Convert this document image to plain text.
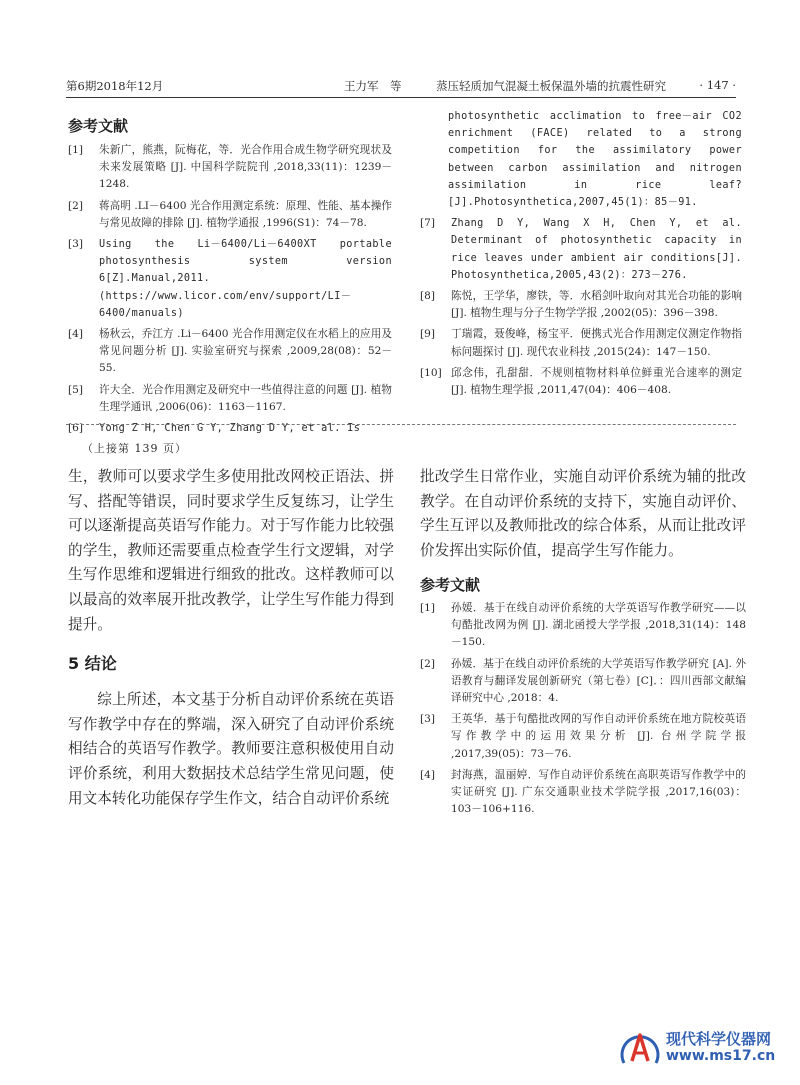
第6期2018年12月	王力军　等	蒸压轻质加气混凝土板保温外墙的抗震性研究	· 147 ·
参考文献
[1] 朱新广，熊燕，阮梅花，等．光合作用合成生物学研究现状及未来发展策略 [J]. 中国科学院院刊 ,2018,33(11)：1239－1248.
[2] 蒋高明 .LI－6400 光合作用测定系统：原理、性能、基本操作与常见故障的排除 [J]. 植物学通报 ,1996(S1)：74－78.
[3] Using the Li－6400/Li－6400XT portable photosynthesis system version 6[Z].Manual,2011. (https://www.licor.com/env/support/LI－6400/manuals)
[4] 杨秋云，乔江方 .Li－6400 光合作用测定仪在水稻上的应用及常见问题分析 [J]. 实验室研究与探索 ,2009,28(08)：52－55.
[5] 许大全．光合作用测定及研究中一些值得注意的问题 [J]. 植物生理学通讯 ,2006(06)：1163－1167.
[6] Yong Z H, Chen G Y, Zhang D Y, et al. Is
photosynthetic acclimation to free－air CO2 enrichment (FACE) related to a strong competition for the assimilatory power between carbon assimilation and nitrogen assimilation in rice leaf?[J].Photosynthetica,2007,45(1)：85－91.
[7] Zhang D Y, Wang X H, Chen Y, et al. Determinant of photosynthetic capacity in rice leaves under ambient air conditions[J]. Photosynthetica,2005,43(2)：273－276.
[8] 陈悦，王学华，廖铁，等．水稻剑叶取向对其光合功能的影响 [J]. 植物生理与分子生物学学报 ,2002(05)：396－398.
[9] 丁瑞霞，聂俊峰，杨宝平．便携式光合作用测定仪测定作物指标问题探讨 [J]. 现代农业科技 ,2015(24)：147－150.
[10] 邱念伟，孔甜甜．不规则植物材料单位鲜重光合速率的测定 [J]. 植物生理学报 ,2011,47(04)：406－408.
（上接第 139 页）

生，教师可以要求学生多使用批改网校正语法、拼写、搭配等错误，同时要求学生反复练习，让学生可以逐渐提高英语写作能力。对于写作能力比较强的学生，教师还需要重点检查学生行文逻辑，对学生写作思维和逻辑进行细致的批改。这样教师可以以最高的效率展开批改教学，让学生写作能力得到提升。

5 结论

综上所述，本文基于分析自动评价系统在英语写作教学中存在的弊端，深入研究了自动评价系统相结合的英语写作教学。教师要注意积极使用自动评价系统，利用大数据技术总结学生常见问题，使用文本转化功能保存学生作文，结合自动评价系统

批改学生日常作业，实施自动评价系统为辅的批改教学。在自动评价系统的支持下，实施自动评价、学生互评以及教师批改的综合体系，从而让批改评价发挥出实际价值，提高学生写作能力。

参考文献
[1] 孙媛．基于在线自动评价系统的大学英语写作教学研究——以句酷批改网为例 [J]. 湖北函授大学学报 ,2018,31(14)：148－150.
[2] 孙媛．基于在线自动评价系统的大学英语写作教学研究 [A]. 外语教育与翻译发展创新研究（第七卷）[C]．：四川西部文献编译研究中心 ,2018：4.
[3] 王英华．基于句酷批改网的写作自动评价系统在地方院校英语写作教学中的运用效果分析 [J]. 台州学院学报 ,2017,39(05)：73－76.
[4] 封海燕，温丽婷．写作自动评价系统在高职英语写作教学中的实证研究 [J]. 广东交通职业技术学院学报 ,2017,16(03)：103－106+116.
现代科学仪器网
www.ms17.cn
